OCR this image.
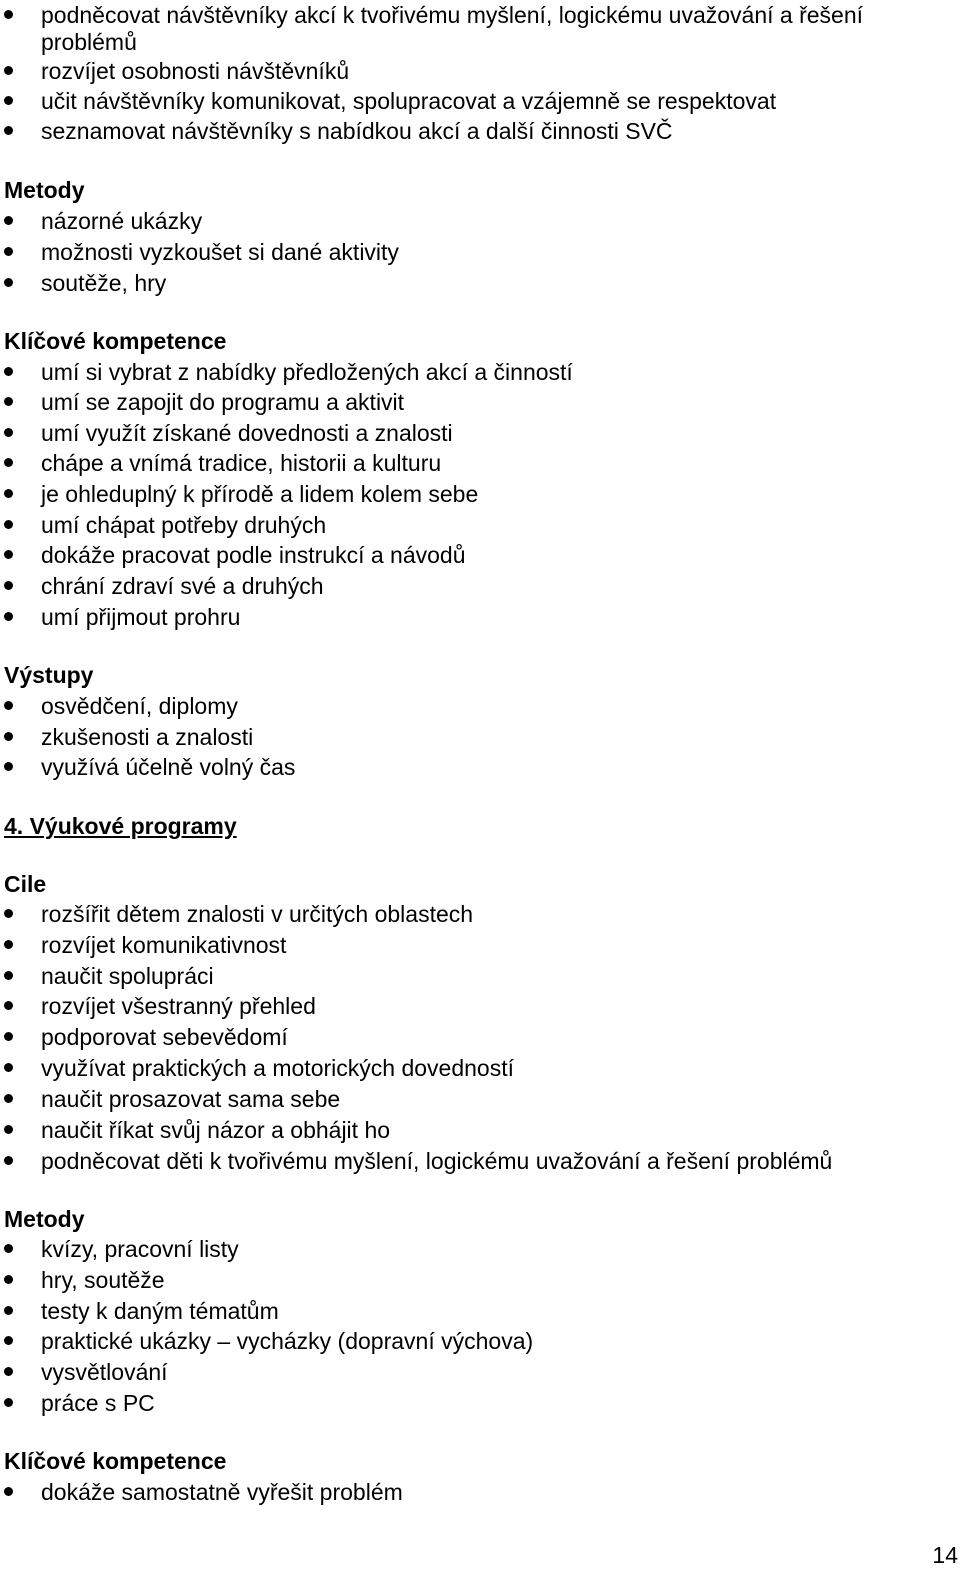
podněcovat návštěvníky akcí k tvořivému myšlení, logickému uvažování a řešení
problémů
rozvíjet osobnosti návštěvníků
učit návštěvníky komunikovat, spolupracovat a vzájemně se respektovat
seznamovat návštěvníky s nabídkou akcí a další činnosti SVČ
Metody
názorné ukázky
možnosti vyzkoušet si dané aktivity
soutěže, hry
Klíčové kompetence
umí si vybrat z nabídky předložených akcí a činností
umí se zapojit do programu a aktivit
umí využít získané dovednosti a znalosti
chápe a vnímá tradice, historii a kulturu
je ohleduplný k přírodě a lidem kolem sebe
umí chápat potřeby druhých
dokáže pracovat podle instrukcí a návodů
chrání zdraví své a druhých
umí přijmout prohru
Výstupy
osvědčení, diplomy
zkušenosti a znalosti
využívá účelně volný čas
4. Výukové programy
Cile
rozšířit dětem znalosti v určitých oblastech
rozvíjet komunikativnost
naučit spolupráci
rozvíjet všestranný přehled
podporovat sebevědomí
využívat praktických a motorických dovedností
naučit prosazovat sama sebe
naučit říkat svůj názor a obhájit ho
podněcovat děti k tvořivému myšlení, logickému uvažování a řešení problémů
Metody
kvízy, pracovní listy
hry, soutěže
testy k daným tématům
praktické ukázky – vycházky (dopravní výchova)
vysvětlování
práce s PC
Klíčové kompetence
dokáže samostatně vyřešit problém
14
